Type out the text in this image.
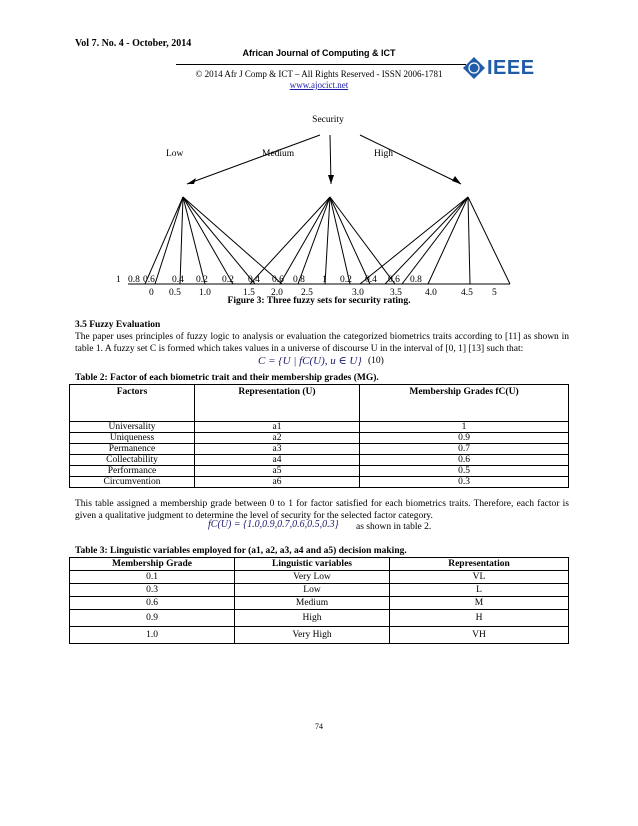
Vol 7. No. 4 - October, 2014
African Journal of Computing & ICT
© 2014 Afr J Comp & ICT – All Rights Reserved - ISSN 2006-1781
www.ajocict.net
IEEE
Security
Low	Medium	High
1 0.8 0.6 0.4 0.2 0.2 0.4 0.6 0.8 1 0.2 0.4 0.6 0.8
0 0.5 1.0	1.5 2.0 2.5	3.0	3.5 4.0	4.5 5
Figure 3: Three fuzzy sets for security rating.
3.5 Fuzzy Evaluation
The paper uses principles of fuzzy logic to analysis or evaluation the categorized biometrics traits according to [11] as shown in table 1. A fuzzy set C is formed which takes values in a universe of discourse U in the interval of [0, 1] [13] such that:
C = {U | fC(U), u ∈ U} (10)
Table 2: Factor of each biometric trait and their membership grades (MG).
Factors	Representation (U)	Membership Grades fC(U)
Universality	a1	1
Uniqueness	a2	0.9
Permanence	a3	0.7
Collectability	a4	0.6
Performance	a5	0.5
Circumvention	a6	0.3
This table assigned a membership grade between 0 to 1 for factor satisfied for each biometrics traits. Therefore, each factor is given a qualitative judgment to determine the level of security for the selected factor category.
fC(U) = {1.0,0.9,0.7,0.6,0.5,0.3} as shown in table 2.
Table 3: Linguistic variables employed for (a1, a2, a3, a4 and a5) decision making.
Membership Grade	Linguistic variables	Representation
0.1	Very Low	VL
0.3	Low	L
0.6	Medium	M
0.9	High	H
1.0	Very High	VH
74
